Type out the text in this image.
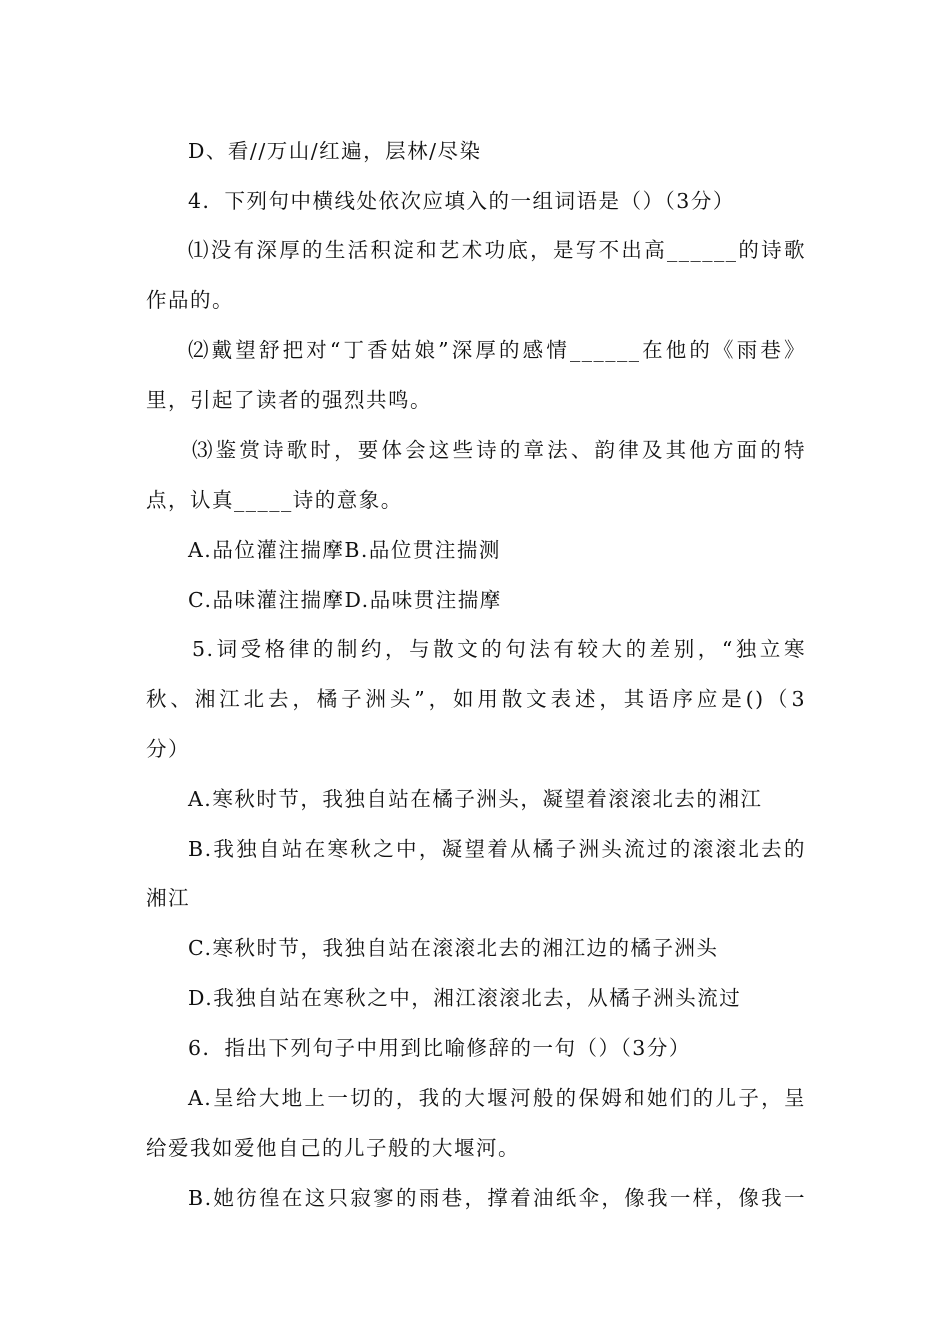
D、看//万山/红遍，层林/尽染
4．下列句中横线处依次应填入的一组词语是（）（3分）
⑴没有深厚的生活积淀和艺术功底，是写不出高______的诗歌
作品的。
⑵戴望舒把对“丁香姑娘”深厚的感情______在他的《雨巷》
里，引起了读者的强烈共鸣。
⑶鉴赏诗歌时，要体会这些诗的章法、韵律及其他方面的特
点，认真_____诗的意象。
A.品位灌注揣摩B.品位贯注揣测
C.品味灌注揣摩D.品味贯注揣摩
5.词受格律的制约，与散文的句法有较大的差别，“独立寒
秋、湘江北去，橘子洲头”，如用散文表述，其语序应是()（3
分）
A.寒秋时节，我独自站在橘子洲头，凝望着滚滚北去的湘江
B.我独自站在寒秋之中，凝望着从橘子洲头流过的滚滚北去的
湘江
C.寒秋时节，我独自站在滚滚北去的湘江边的橘子洲头
D.我独自站在寒秋之中，湘江滚滚北去，从橘子洲头流过
6．指出下列句子中用到比喻修辞的一句（）（3分）
A.呈给大地上一切的，我的大堰河般的保姆和她们的儿子，呈
给爱我如爱他自己的儿子般的大堰河。
B.她彷徨在这只寂寥的雨巷，撑着油纸伞，像我一样，像我一
